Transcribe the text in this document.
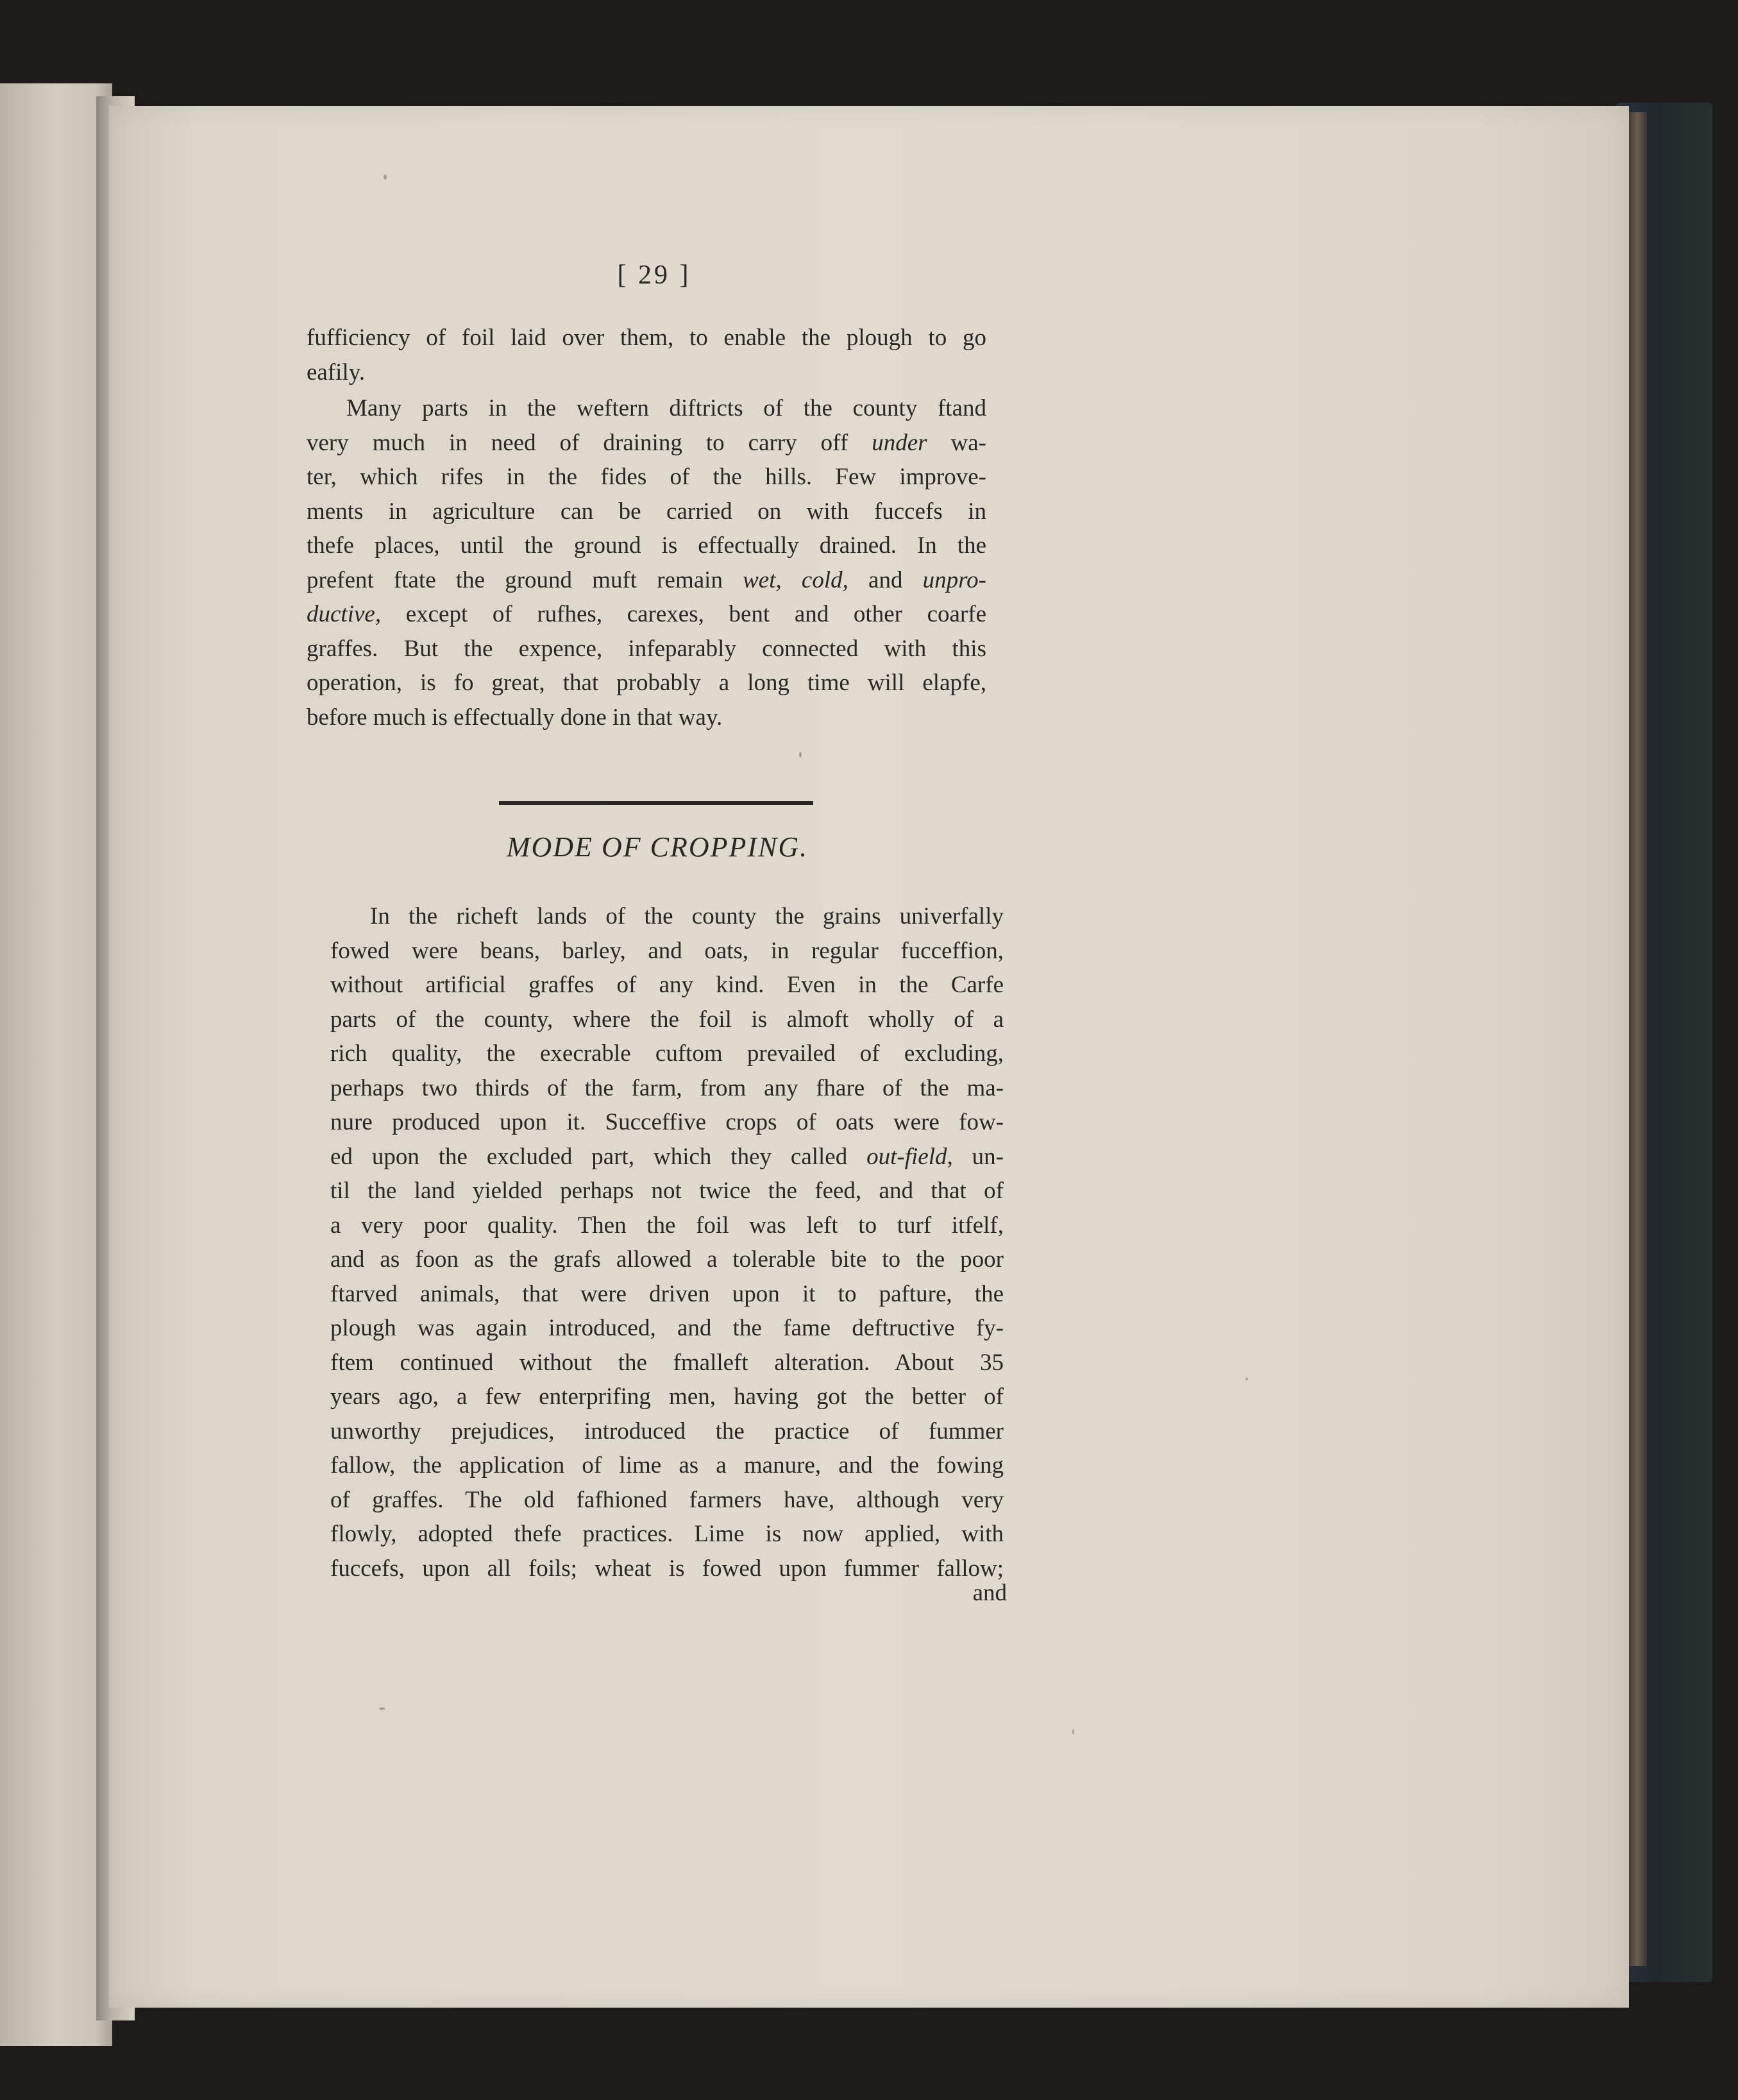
[ 29 ]
fufficiency of foil laid over them, to enable the plough to go
eafily.
Many parts in the weftern diftricts of the county ftand
very much in need of draining to carry off under wa-
ter, which rifes in the fides of the hills. Few improve-
ments in agriculture can be carried on with fuccefs in
thefe places, until the ground is effectually drained. In the
prefent ftate the ground muft remain wet, cold, and unpro-
ductive, except of rufhes, carexes, bent and other coarfe
graffes. But the expence, infeparably connected with this
operation, is fo great, that probably a long time will elapfe,
before much is effectually done in that way.
MODE OF CROPPING.
In the richeft lands of the county the grains univerfally
fowed were beans, barley, and oats, in regular fucceffion,
without artificial graffes of any kind. Even in the Carfe
parts of the county, where the foil is almoft wholly of a
rich quality, the execrable cuftom prevailed of excluding,
perhaps two thirds of the farm, from any fhare of the ma-
nure produced upon it. Succeffive crops of oats were fow-
ed upon the excluded part, which they called out-field, un-
til the land yielded perhaps not twice the feed, and that of
a very poor quality. Then the foil was left to turf itfelf,
and as foon as the grafs allowed a tolerable bite to the poor
ftarved animals, that were driven upon it to pafture, the
plough was again introduced, and the fame deftructive fy-
ftem continued without the fmalleft alteration. About 35
years ago, a few enterprifing men, having got the better of
unworthy prejudices, introduced the practice of fummer
fallow, the application of lime as a manure, and the fowing
of graffes. The old fafhioned farmers have, although very
flowly, adopted thefe practices. Lime is now applied, with
fuccefs, upon all foils; wheat is fowed upon fummer fallow;
and
